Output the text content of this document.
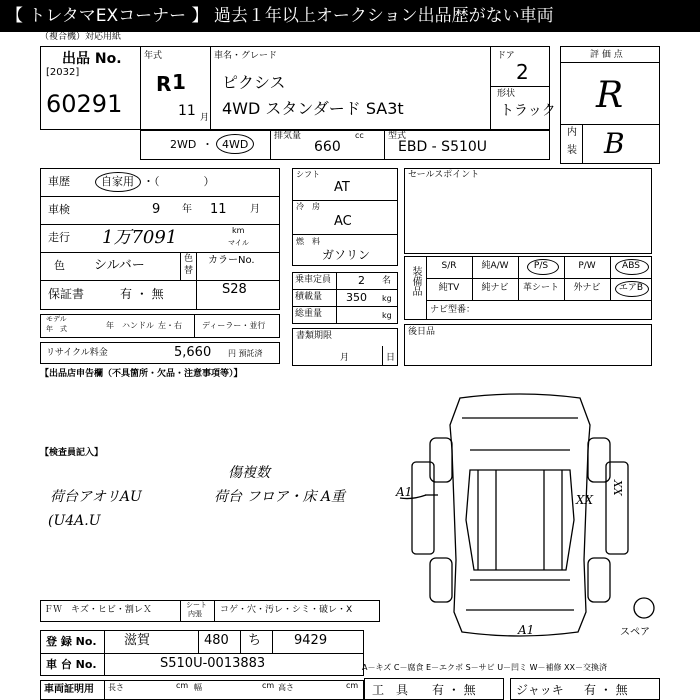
【 トレタマEXコーナー 】 過去１年以上オークション出品歴がない車両
（複合機）対応用紙
出品 No.
[2032]
60291
年式
R 1
11 月
車名・グレード
ピクシス
4WD スタンダード SA3t
ドア
2
形状
トラック
2WD ・ 4WD
排気量	cc
660
型式
EBD - S510U
評 価 点
R
内
装 B
車歴	自家用 ・（　　　　）
車検	9 年 11 月
走行 1万7091	km
マイル
色 シルバー	色
替
カラーNo.
保証書	有 ・ 無	S28
モデル
年　式	年 ハンドル 左・右	ディーラー・並行
リサイクル料金	5,660 円 預託済
シフト
AT
冷　房
AC
燃　料
ガソリン
乗車定員 2 名
積載量 350 kg
総重量	kg
書類期限
月	日
セールスポイント
装備品	S/R	純A/W	P/S	P/W	ABS
純TV	純ナビ	革シート	外ナビ	エアB
ナビ型番：
後日品
【出品店申告欄（不具箇所・欠品・注意事項等）】
【検査員記入】
荷台アオリAU
(U4A.U
傷複数
荷台 フロア・床 A重	A1
XX
XX
A1	スペア
ＦＷ　キズ・ヒビ・割レＸ	シート
内張 コゲ・穴・汚レ・シミ・破レ・X
登 録 No. 滋賀	480 ち	9429
車 台 No.	S510U-0013883
車両証明用 長さ	cm 幅	cm 高さ	cm
A－キズ C－腐食 E－エクボ S－サビ U－凹ミ W－補修 XX－交換済
工　具 有 ・ 無	ジャッキ 有 ・ 無
